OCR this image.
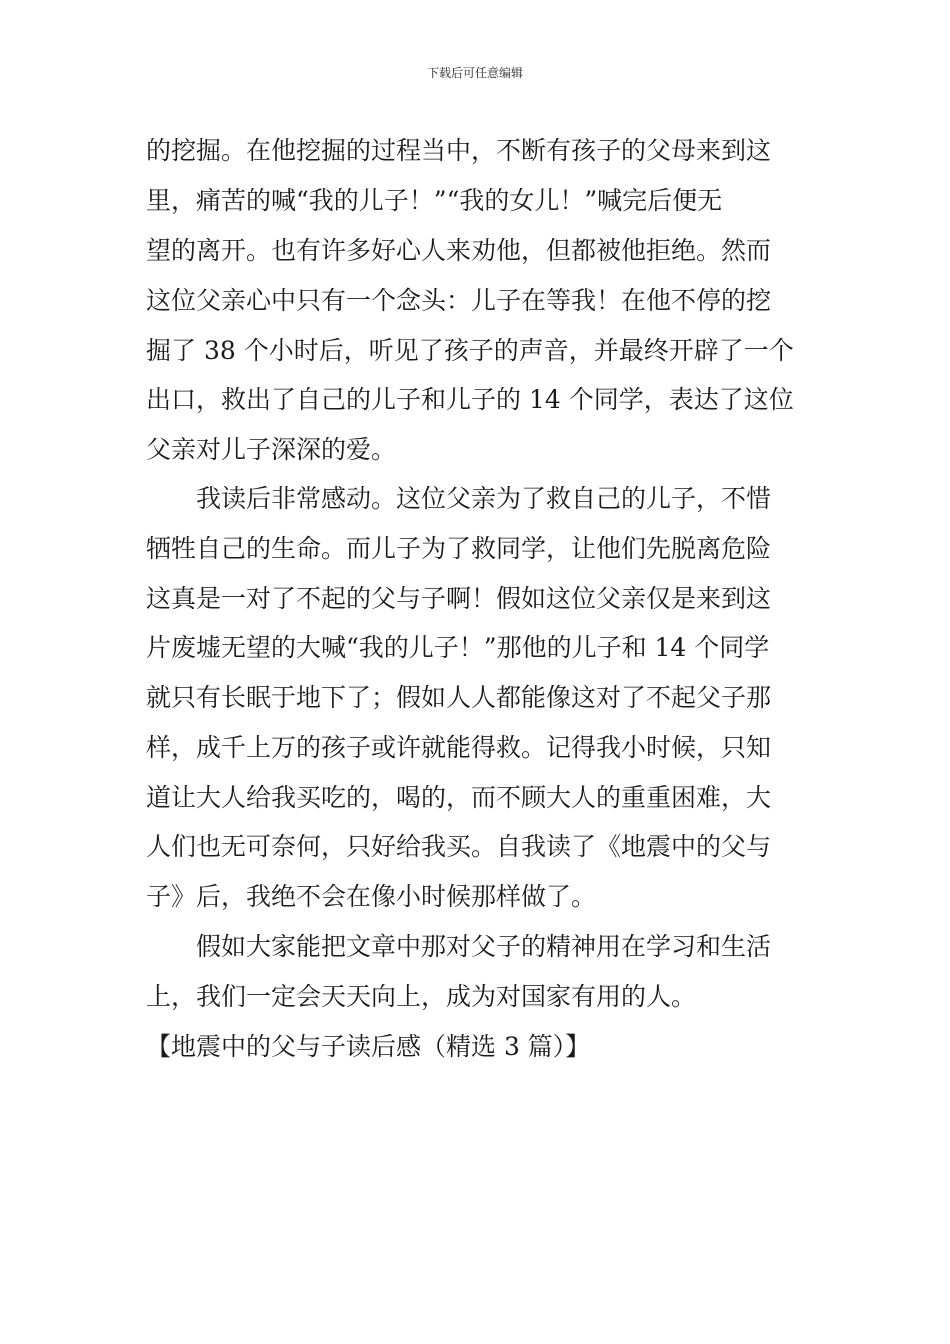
下载后可任意编辑
的挖掘。在他挖掘的过程当中，不断有孩子的父母来到这
里，痛苦的喊“我的儿子！”“我的女儿！”喊完后便无
望的离开。也有许多好心人来劝他，但都被他拒绝。然而
这位父亲心中只有一个念头：儿子在等我！在他不停的挖
掘了 38 个小时后，听见了孩子的声音，并最终开辟了一个
出口，救出了自己的儿子和儿子的 14 个同学，表达了这位
父亲对儿子深深的爱。
　　我读后非常感动。这位父亲为了救自己的儿子，不惜
牺牲自己的生命。而儿子为了救同学，让他们先脱离危险
这真是一对了不起的父与子啊！假如这位父亲仅是来到这
片废墟无望的大喊“我的儿子！”那他的儿子和 14 个同学
就只有长眠于地下了；假如人人都能像这对了不起父子那
样，成千上万的孩子或许就能得救。记得我小时候，只知
道让大人给我买吃的，喝的，而不顾大人的重重困难，大
人们也无可奈何，只好给我买。自我读了《地震中的父与
子》后，我绝不会在像小时候那样做了。
　　假如大家能把文章中那对父子的精神用在学习和生活
上，我们一定会天天向上，成为对国家有用的人。
【地震中的父与子读后感（精选 3 篇）】
